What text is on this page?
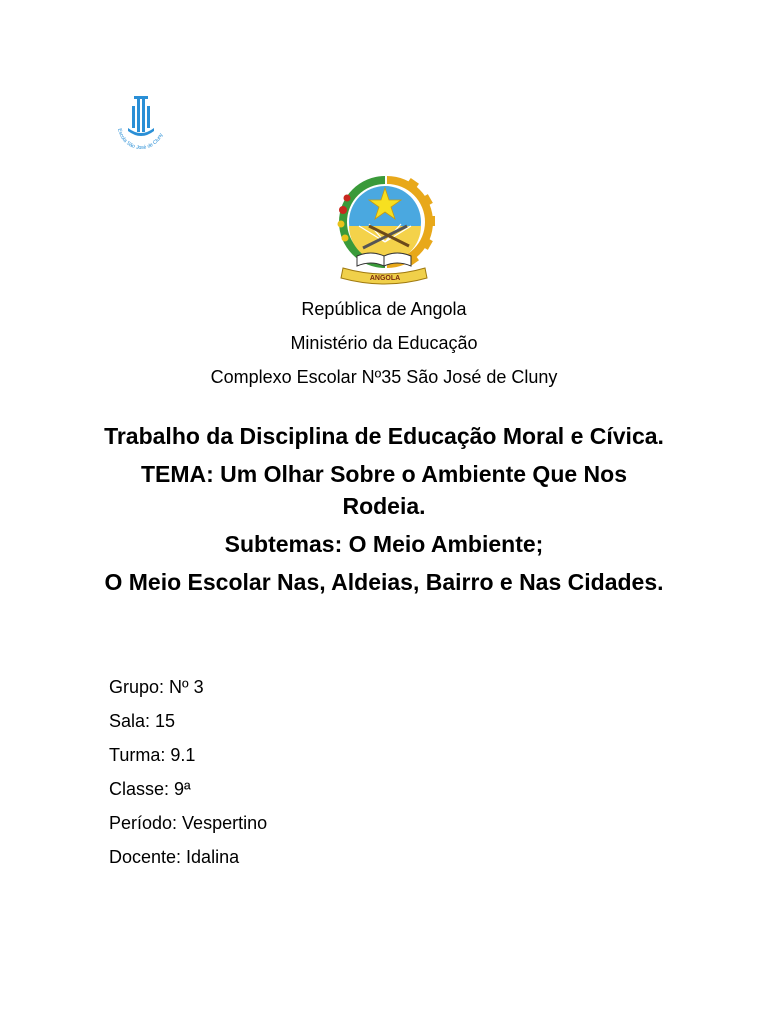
Escola São José de Cluny
ANGOLA
República de Angola
Ministério da Educação
Complexo Escolar Nº35 São José de Cluny
Trabalho da Disciplina de Educação Moral e Cívica.
TEMA: Um Olhar Sobre o Ambiente Que Nos Rodeia.
Subtemas: O Meio Ambiente;
O Meio Escolar Nas, Aldeias, Bairro e Nas Cidades.
Grupo: Nº 3
Sala: 15
Turma: 9.1
Classe: 9ª
Período: Vespertino
Docente: Idalina
